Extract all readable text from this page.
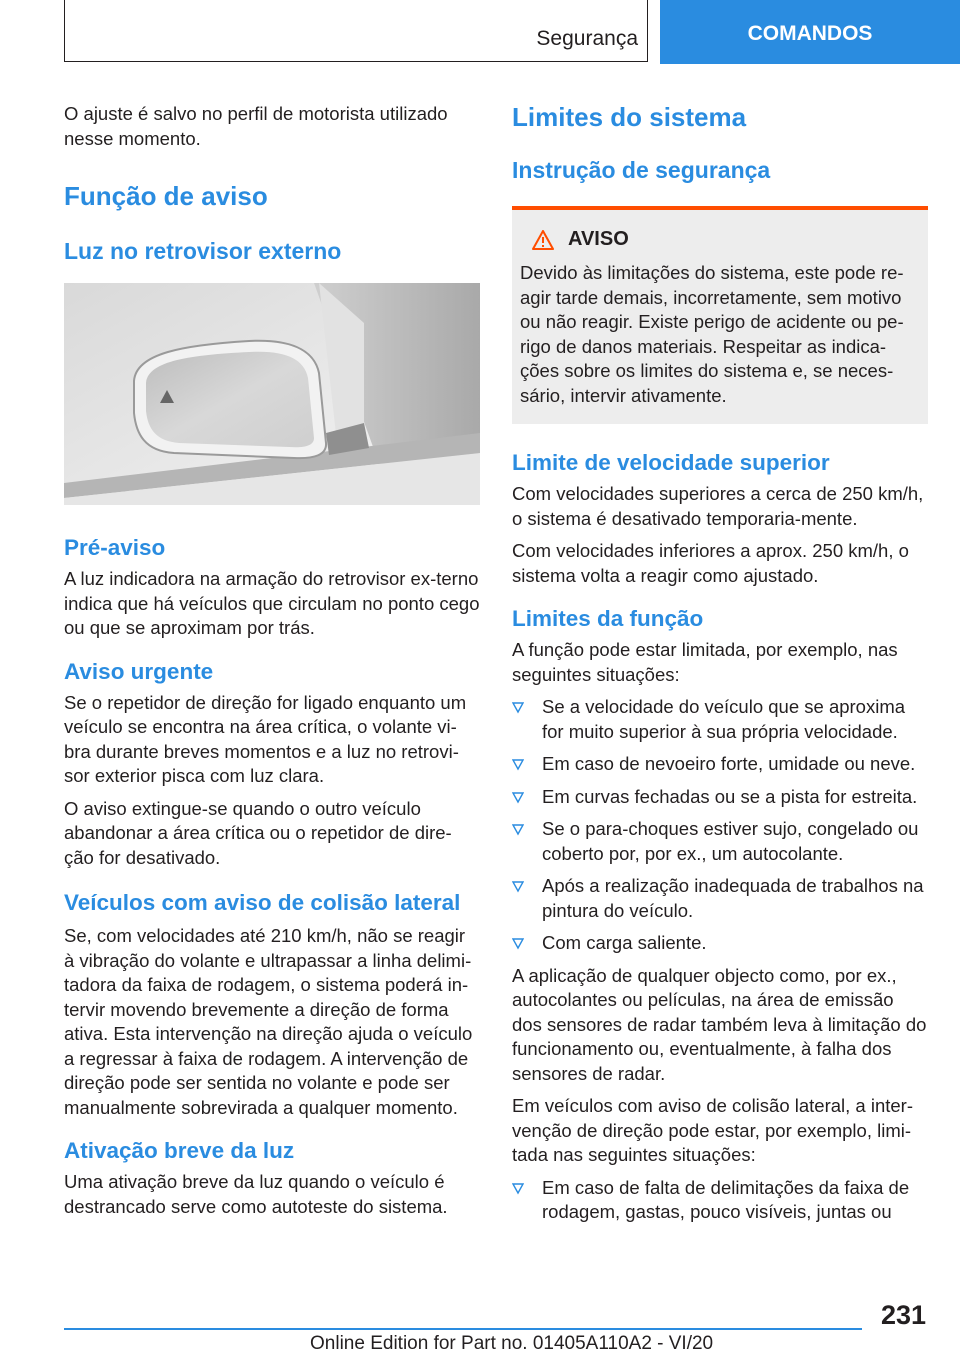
Segurança	COMANDOS

O ajuste é salvo no perfil de motorista utilizado nesse momento.

Função de aviso
Luz no retrovisor externo
Pré-aviso

A luz indicadora na armação do retrovisor ex-terno indica que há veículos que circulam no ponto cego ou que se aproximam por trás.

Aviso urgente

Se o repetidor de direção for ligado enquanto um veículo se encontra na área crítica, o volante vi-bra durante breves momentos e a luz no retrovi-sor exterior pisca com luz clara.

O aviso extingue-se quando o outro veículo abandonar a área crítica ou o repetidor de dire-ção for desativado.

Veículos com aviso de colisão lateral

Se, com velocidades até 210 km/h, não se reagir à vibração do volante e ultrapassar a linha delimi-tadora da faixa de rodagem, o sistema poderá in-tervir movendo brevemente a direção de forma ativa. Esta intervenção na direção ajuda o veículo a regressar à faixa de rodagem. A intervenção de direção pode ser sentida no volante e pode ser manualmente sobrevirada a qualquer momento.

Ativação breve da luz

Uma ativação breve da luz quando o veículo é destrancado serve como autoteste do sistema.

Limites do sistema
Instrução de segurança
AVISO

Devido às limitações do sistema, este pode re-agir tarde demais, incorretamente, sem motivo ou não reagir. Existe perigo de acidente ou pe-rigo de danos materiais. Respeitar as indica-ções sobre os limites do sistema e, se neces-sário, intervir ativamente.

Limite de velocidade superior

Com velocidades superiores a cerca de 250 km/h, o sistema é desativado temporaria-mente.

Com velocidades inferiores a aprox. 250 km/h, o sistema volta a reagir como ajustado.

Limites da função

A função pode estar limitada, por exemplo, nas seguintes situações:

Se a velocidade do veículo que se aproxima for muito superior à sua própria velocidade.
Em caso de nevoeiro forte, umidade ou neve.
Em curvas fechadas ou se a pista for estreita.
Se o para-choques estiver sujo, congelado ou coberto por, por ex., um autocolante.
Após a realização inadequada de trabalhos na pintura do veículo.
Com carga saliente.

A aplicação de qualquer objecto como, por ex., autocolantes ou películas, na área de emissão dos sensores de radar também leva à limitação do funcionamento ou, eventualmente, à falha dos sensores de radar.

Em veículos com aviso de colisão lateral, a inter-venção de direção pode estar, por exemplo, limi-tada nas seguintes situações:

Em caso de falta de delimitações da faixa de rodagem, gastas, pouco visíveis, juntas ou
231
Online Edition for Part no. 01405A110A2 - VI/20
